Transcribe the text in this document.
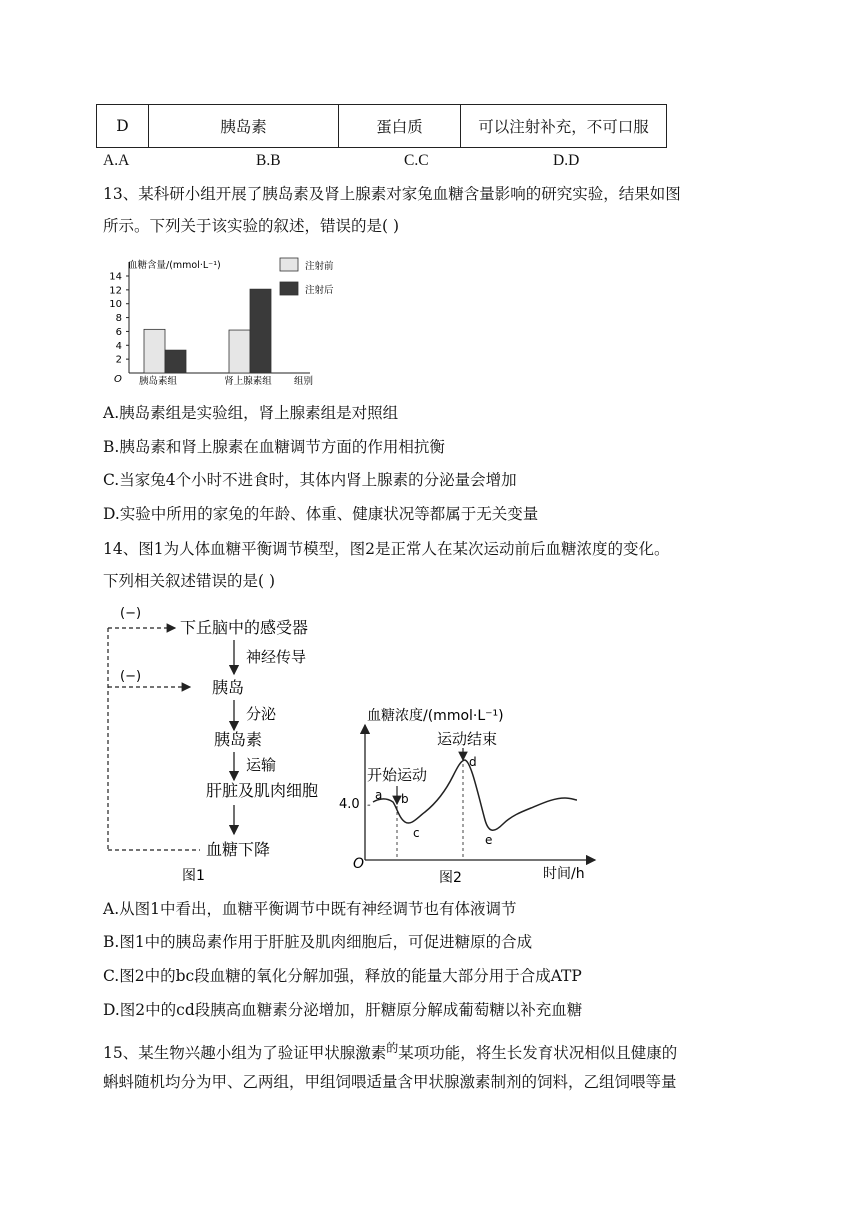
D	胰岛素	蛋白质	可以注射补充，不可口服
A.A	B.B	C.C	D.D
13、某科研小组开展了胰岛素及肾上腺素对家兔血糖含量影响的研究实验，结果如图
所示。下列关于该实验的叙述，错误的是( )
血糖含量/(mmol·L⁻¹)
14
12
10
8
6
4
2
O 胰岛素组	肾上腺素组 组别
注射前
注射后
A.胰岛素组是实验组，肾上腺素组是对照组
B.胰岛素和肾上腺素在血糖调节方面的作用相抗衡
C.当家兔4个小时不进食时，其体内肾上腺素的分泌量会增加
D.实验中所用的家兔的年龄、体重、健康状况等都属于无关变量
14、图1为人体血糖平衡调节模型，图2是正常人在某次运动前后血糖浓度的变化。
下列相关叙述错误的是( )
(−)
(−)
下丘脑中的感受器
神经传导
胰岛
分泌
胰岛素
运输
肝脏及肌肉细胞
血糖下降
图1
血糖浓度/(mmol·L⁻¹)
O
4.0
时间/h
-
a b
c
d
e
开始运动
运动结束
图2
A.从图1中看出，血糖平衡调节中既有神经调节也有体液调节
B.图1中的胰岛素作用于肝脏及肌肉细胞后，可促进糖原的合成
C.图2中的bc段血糖的氧化分解加强，释放的能量大部分用于合成ATP
D.图2中的cd段胰高血糖素分泌增加，肝糖原分解成葡萄糖以补充血糖
15、某生物兴趣小组为了验证甲状腺激素$^的$某项功能，将生长发育状况相似且健康的
蝌蚪随机均分为甲、乙两组，甲组饲喂适量含甲状腺激素制剂的饲料，乙组饲喂等量
